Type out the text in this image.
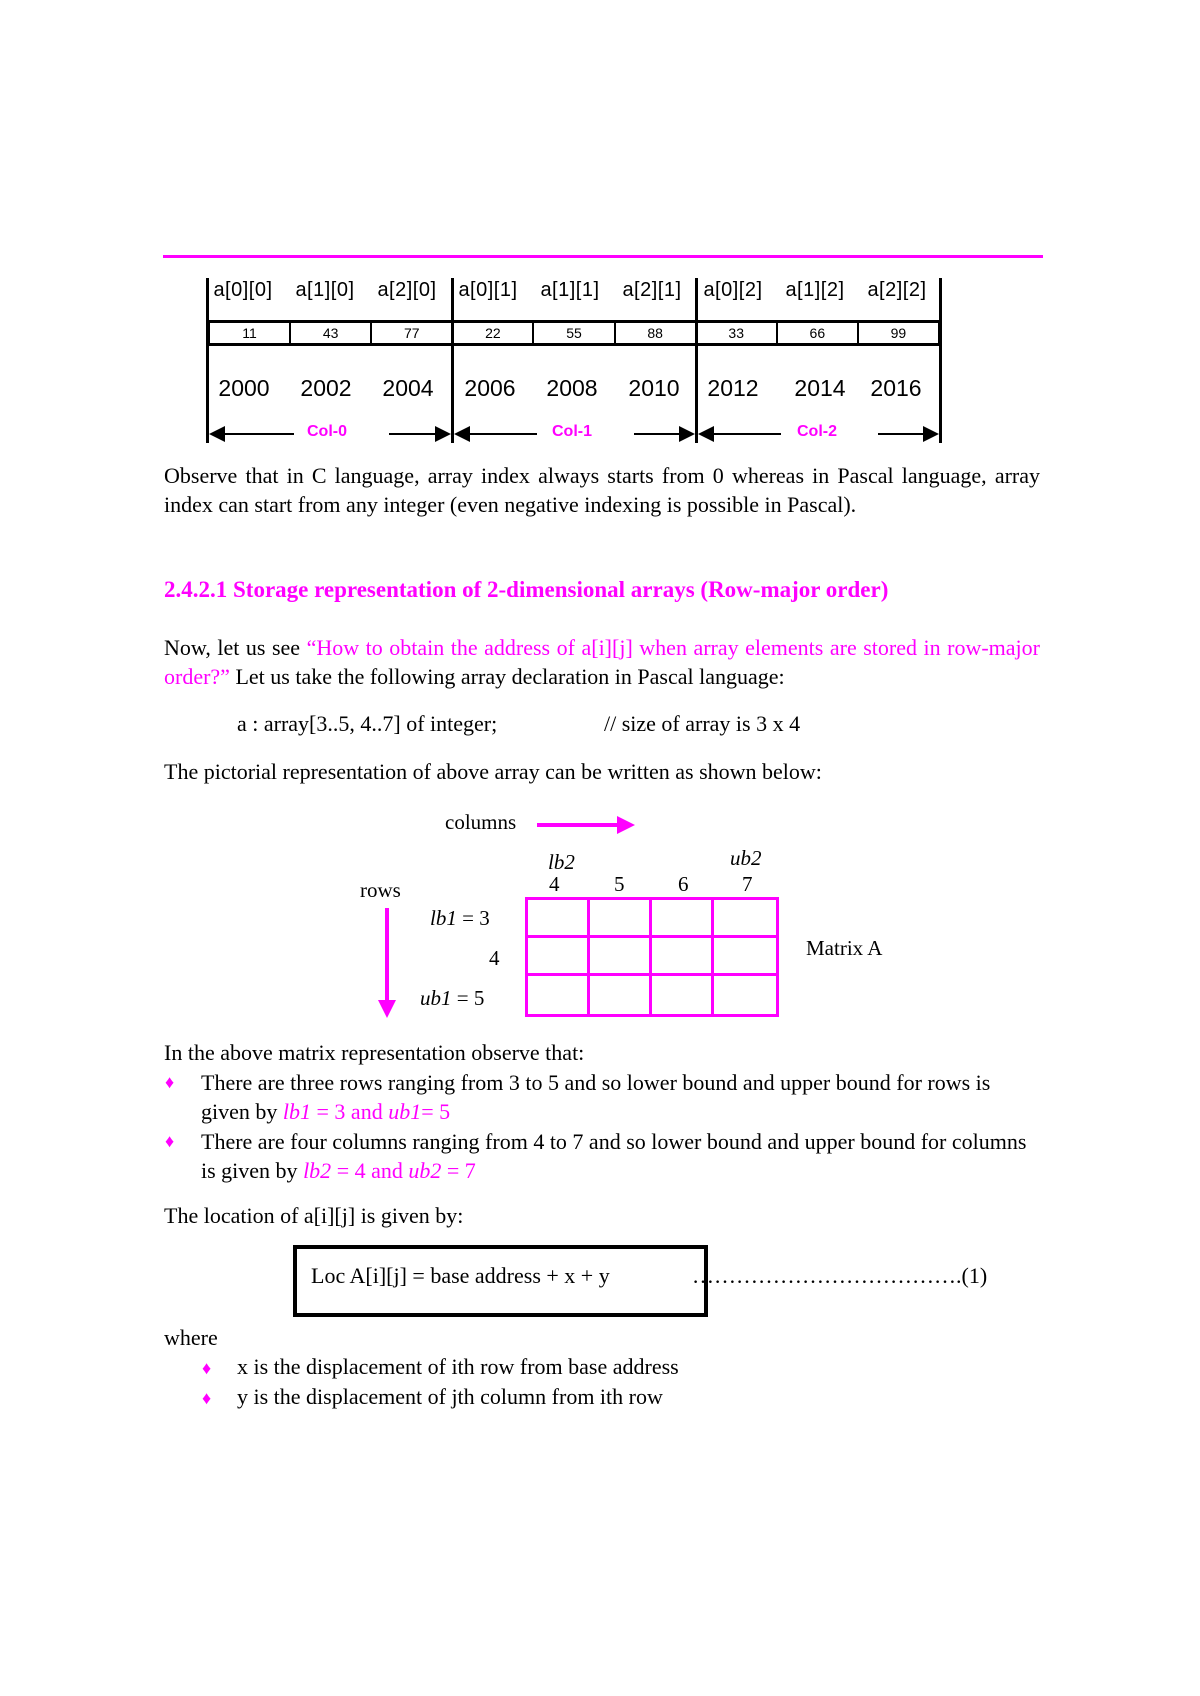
a[0][0]	a[1][0]	a[2][0]	a[0][1]	a[1][1]	a[2][1]	a[0][2]	a[1][2]	a[2][2]
11	43	77	22	55	88	33	66	99
2000	2002	2004	2006	2008	2010	2012	2014	2016
Col-0	Col-1	Col-2

Observe that in C language, array index always starts from 0 whereas in Pascal language, array index can start from any integer (even negative indexing is possible in Pascal).

2.4.2.1 Storage representation of 2-dimensional arrays (Row-major order)

Now, let us see “How to obtain the address of a[i][j] when array elements are stored in row-major order?” Let us take the following array declaration in Pascal language:

a : array[3..5, 4..7] of integer;	// size of array is 3 x 4

The pictorial representation of above array can be written as shown below:

columns
lb2	ub2
4	5	6	7
rows
lb1 = 3
4
ub1 = 5
Matrix A
In the above matrix representation observe that:
♦ There are three rows ranging from 3 to 5 and so lower bound and upper bound for rows is given by lb1 = 3 and ub1= 5

♦ There are four columns ranging from 4 to 7 and so lower bound and upper bound for columns is given by lb2 = 4 and ub2 = 7

The location of a[i][j] is given by:
Loc A[i][j] = base address + x + y	……………………………….(1)
where
♦ x is the displacement of ith row from base address
♦ y is the displacement of jth column from ith row
